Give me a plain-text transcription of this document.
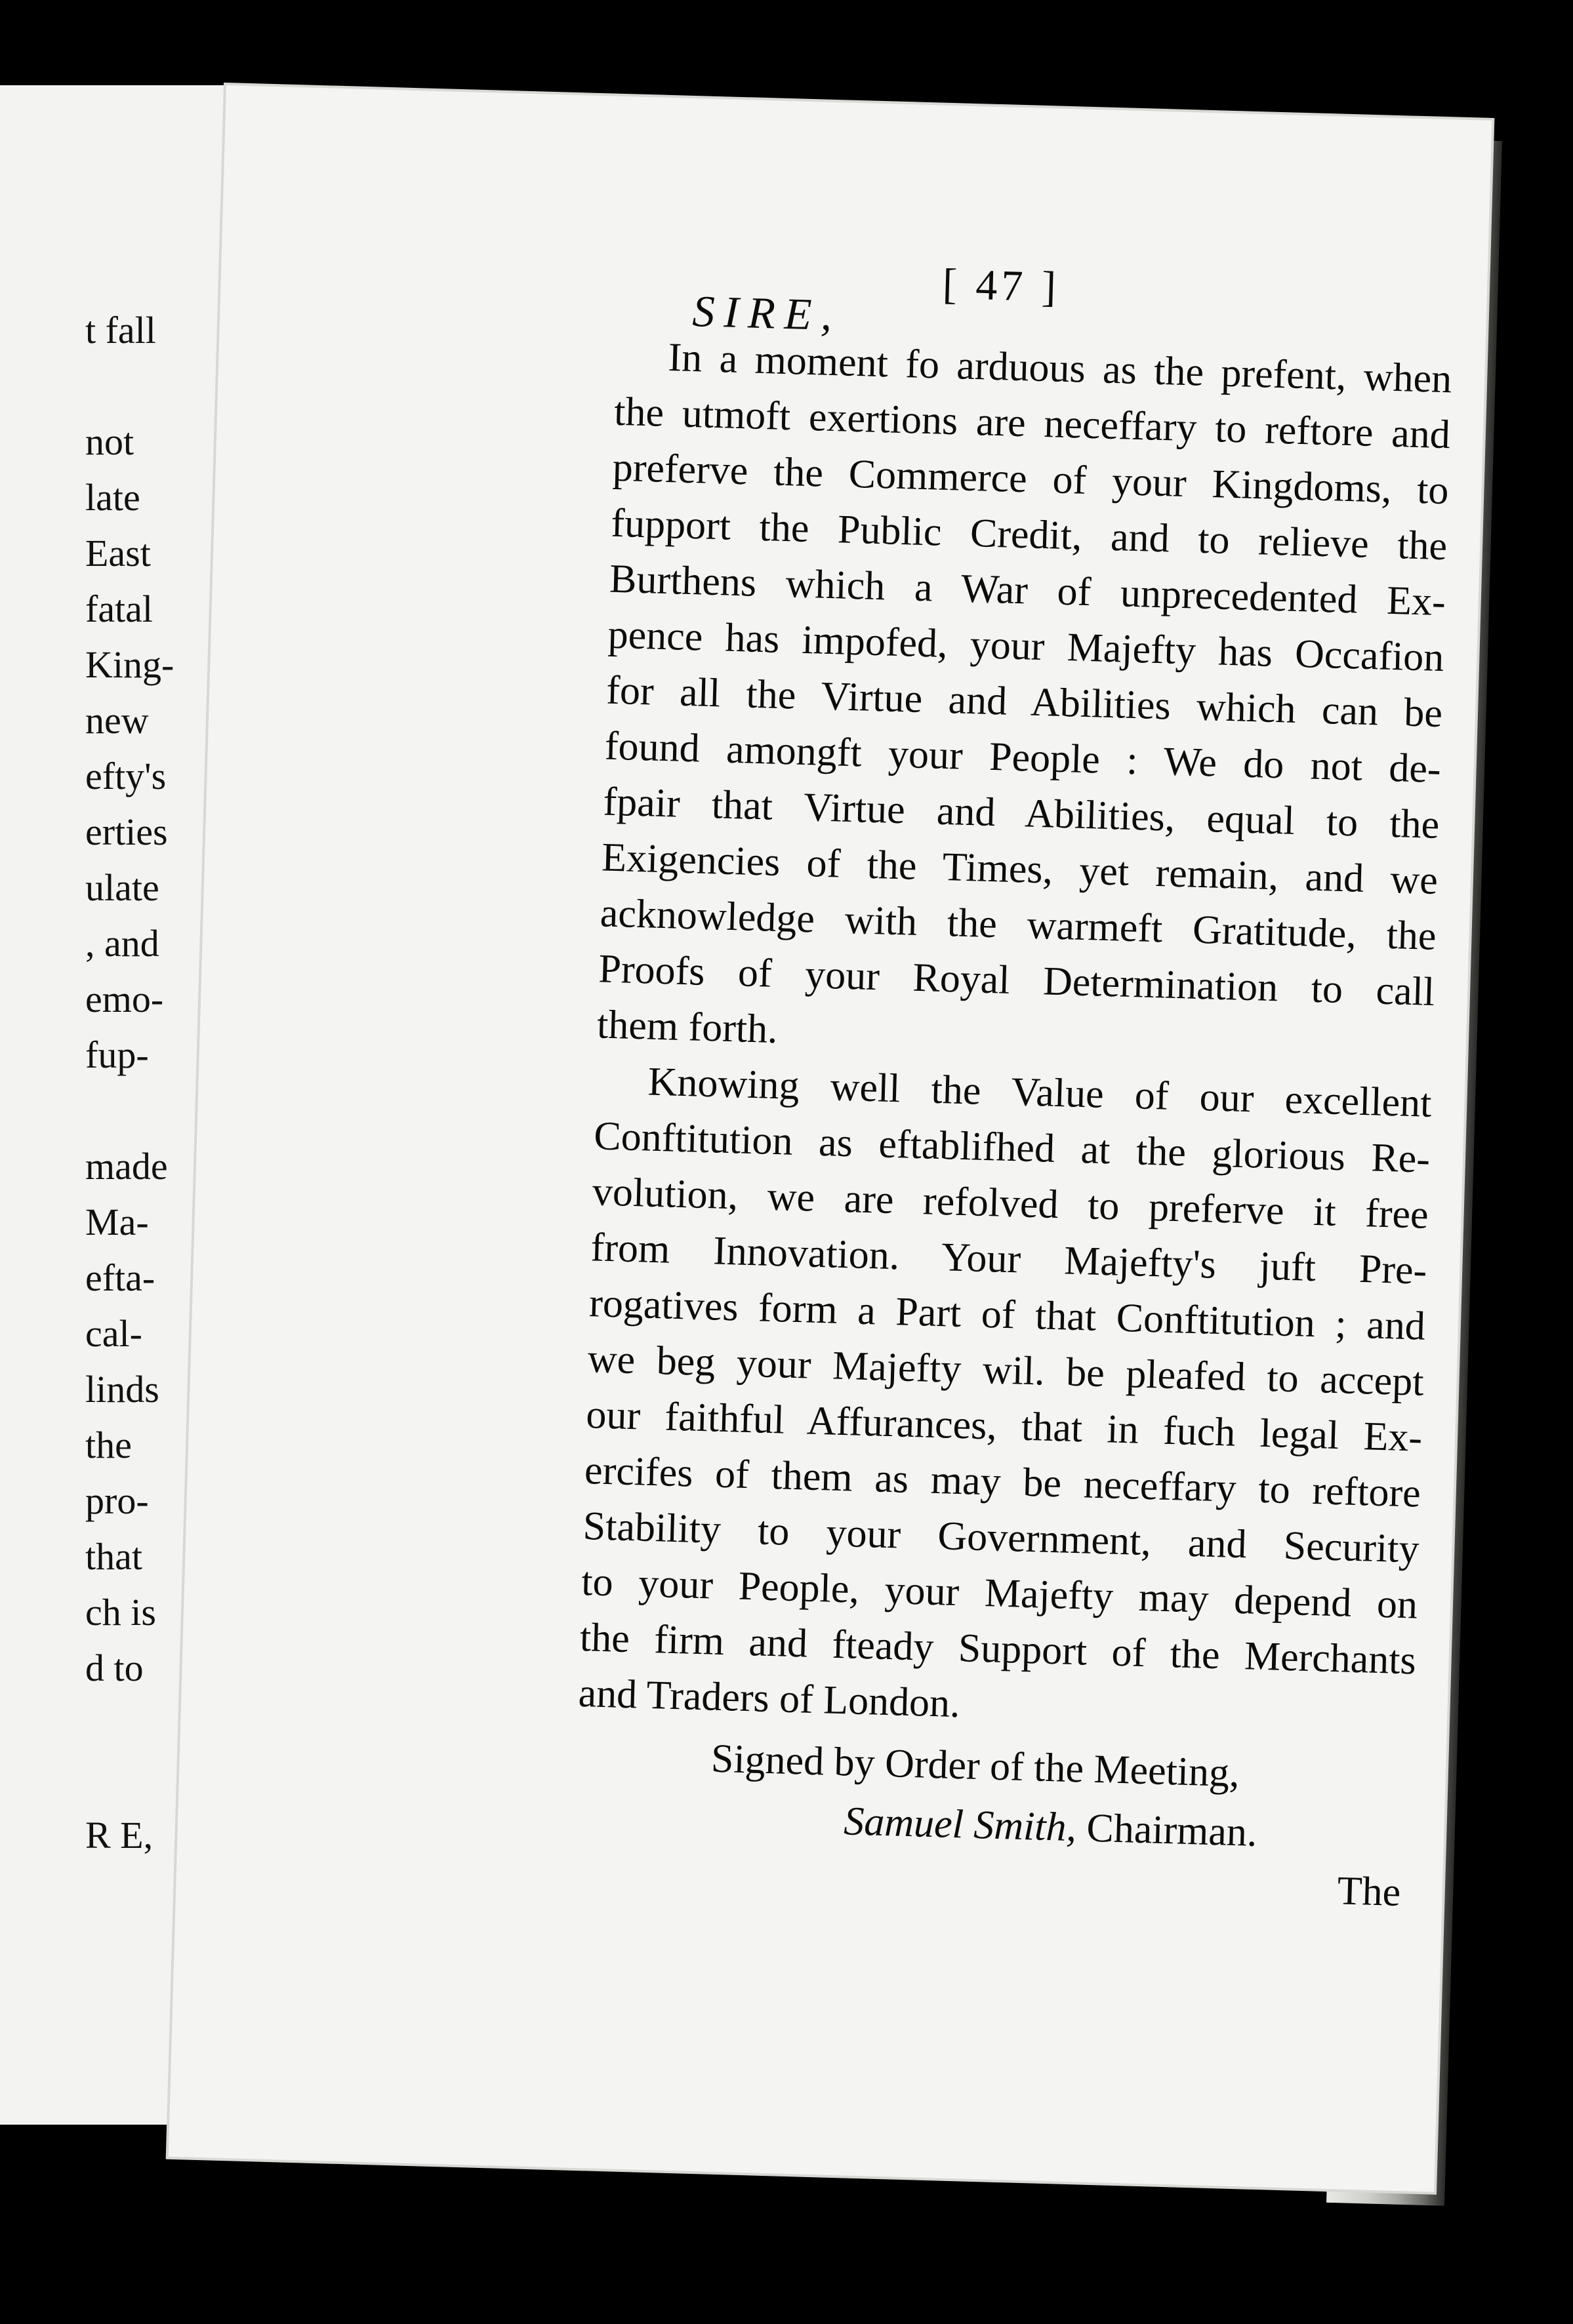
t fall
not
late
East
fatal
King-
new
efty's
erties
ulate
, and
emo-
fup-
made
Ma-
efta-
cal-
linds
the
pro-
that
ch is
d to
R E,
[ 47 ]
SIRE,
In a moment fo arduous as the prefent, when
the utmoft exertions are neceffary to reftore and
preferve the Commerce of your Kingdoms, to
fupport the Public Credit, and to relieve the
Burthens which a War of unprecedented Ex-
pence has impofed, your Majefty has Occafion
for all the Virtue and Abilities which can be
found amongft your People : We do not de-
fpair that Virtue and Abilities, equal to the
Exigencies of the Times, yet remain, and we
acknowledge with the warmeft Gratitude, the
Proofs of your Royal Determination to call
them forth.
Knowing well the Value of our excellent
Conftitution as eftablifhed at the glorious Re-
volution, we are refolved to preferve it free
from Innovation. Your Majefty's juft Pre-
rogatives form a Part of that Conftitution ; and
we beg your Majefty wil. be pleafed to accept
our faithful Affurances, that in fuch legal Ex-
ercifes of them as may be neceffary to reftore
Stability to your Government, and Security
to your People, your Majefty may depend on
the firm and fteady Support of the Merchants
and Traders of London.
Signed by Order of the Meeting,
Samuel Smith, Chairman.
The
